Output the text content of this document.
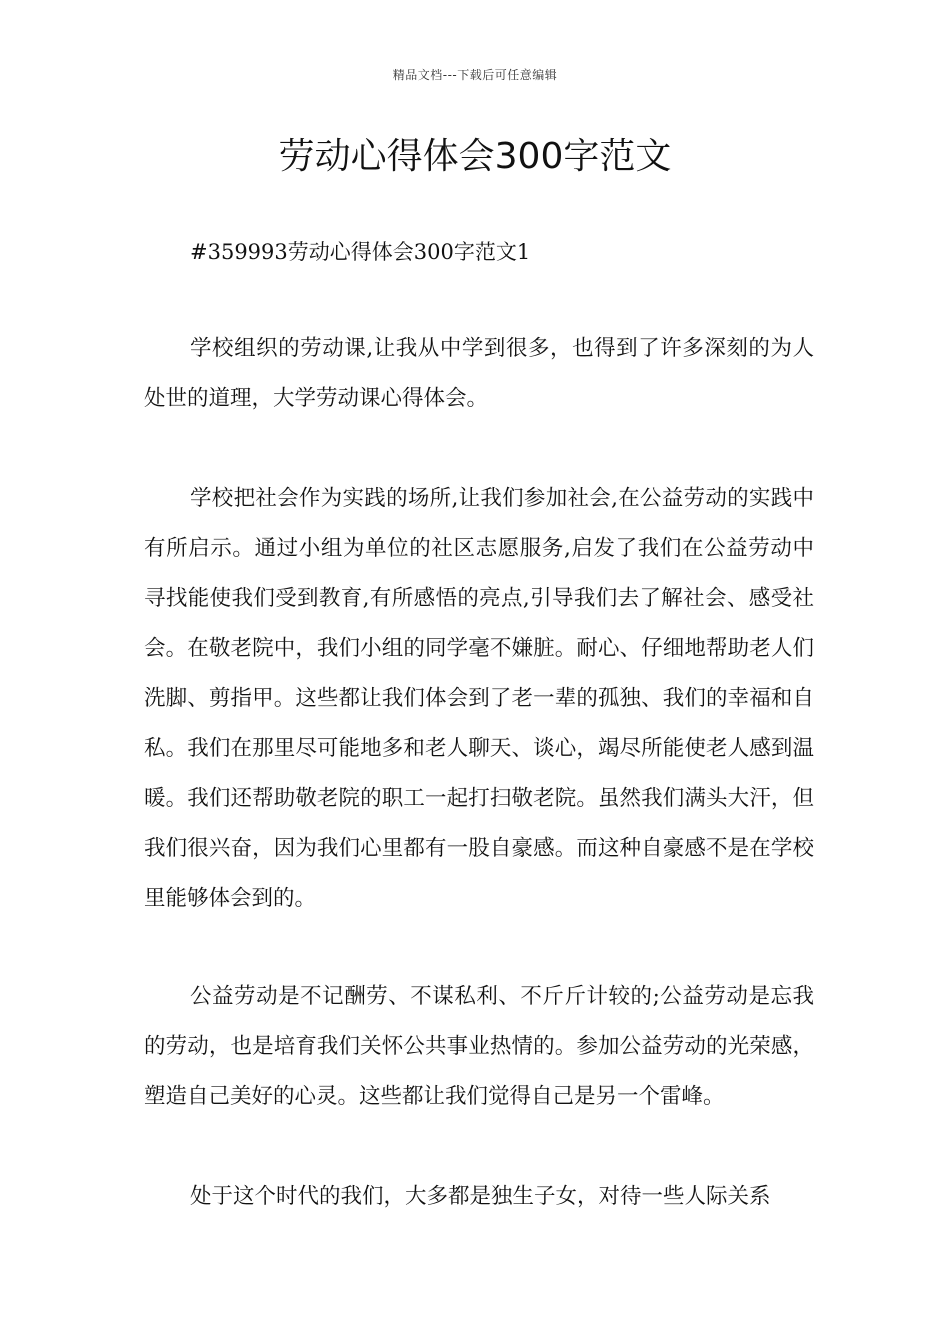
精品文档---下载后可任意编辑
劳动心得体会300字范文
#359993劳动心得体会300字范文1

学校组织的劳动课,让我从中学到很多，也得到了许多深刻的为人处世的道理，大学劳动课心得体会。

学校把社会作为实践的场所,让我们参加社会,在公益劳动的实践中有所启示。通过小组为单位的社区志愿服务,启发了我们在公益劳动中寻找能使我们受到教育,有所感悟的亮点,引导我们去了解社会、感受社会。在敬老院中，我们小组的同学毫不嫌脏。耐心、仔细地帮助老人们洗脚、剪指甲。这些都让我们体会到了老一辈的孤独、我们的幸福和自私。我们在那里尽可能地多和老人聊天、谈心，竭尽所能使老人感到温暖。我们还帮助敬老院的职工一起打扫敬老院。虽然我们满头大汗，但我们很兴奋，因为我们心里都有一股自豪感。而这种自豪感不是在学校里能够体会到的。

公益劳动是不记酬劳、不谋私利、不斤斤计较的;公益劳动是忘我的劳动，也是培育我们关怀公共事业热情的。参加公益劳动的光荣感，塑造自己美好的心灵。这些都让我们觉得自己是另一个雷峰。

处于这个时代的我们，大多都是独生子女，对待一些人际关系
